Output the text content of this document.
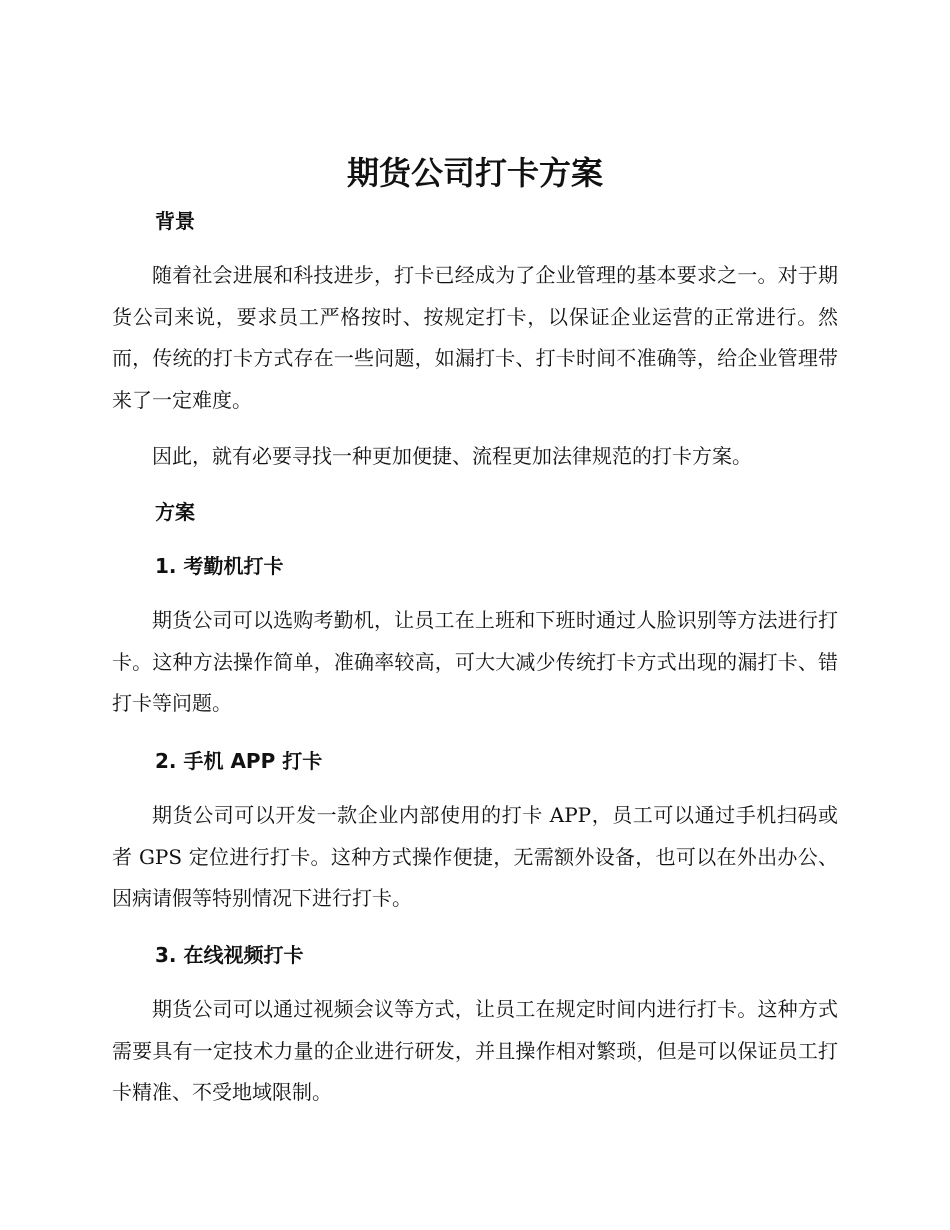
期货公司打卡方案
背景

随着社会进展和科技进步，打卡已经成为了企业管理的基本要求之一。对于期货公司来说，要求员工严格按时、按规定打卡，以保证企业运营的正常进行。然而，传统的打卡方式存在一些问题，如漏打卡、打卡时间不准确等，给企业管理带来了一定难度。

因此，就有必要寻找一种更加便捷、流程更加法律规范的打卡方案。

方案
1. 考勤机打卡

期货公司可以选购考勤机，让员工在上班和下班时通过人脸识别等方法进行打卡。这种方法操作简单，准确率较高，可大大减少传统打卡方式出现的漏打卡、错打卡等问题。

2. 手机 APP 打卡

期货公司可以开发一款企业内部使用的打卡 APP，员工可以通过手机扫码或者 GPS 定位进行打卡。这种方式操作便捷，无需额外设备，也可以在外出办公、因病请假等特别情况下进行打卡。

3. 在线视频打卡

期货公司可以通过视频会议等方式，让员工在规定时间内进行打卡。这种方式需要具有一定技术力量的企业进行研发，并且操作相对繁琐，但是可以保证员工打卡精准、不受地域限制。
